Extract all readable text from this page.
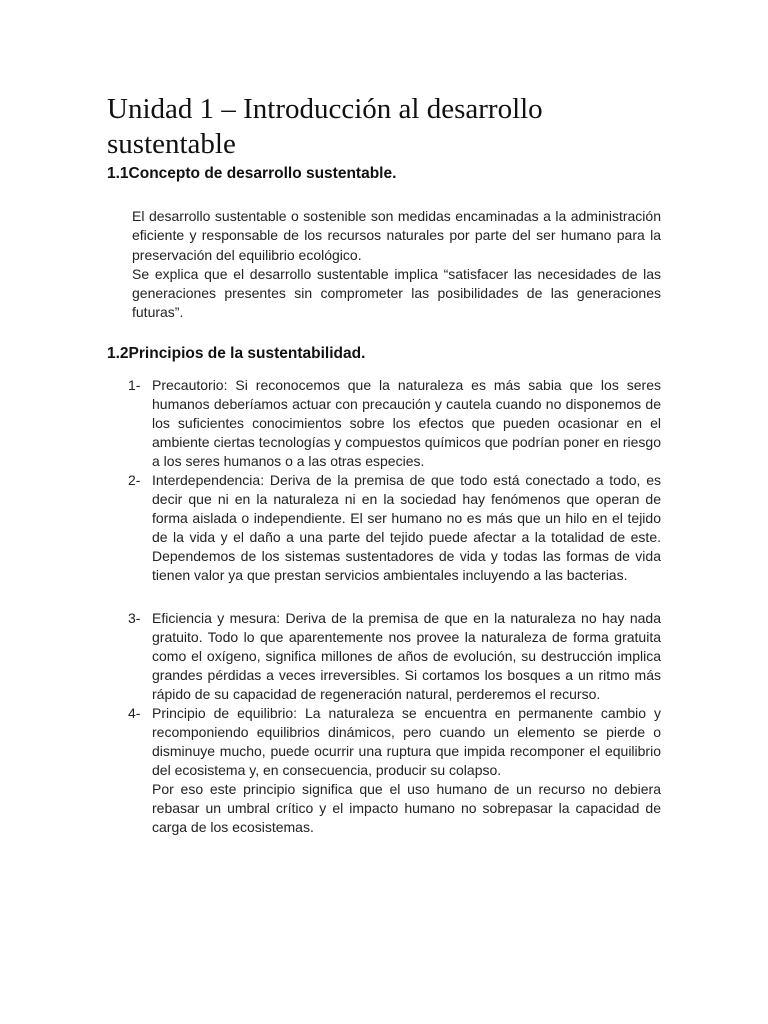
Unidad 1 – Introducción al desarrollo sustentable
1.1Concepto de desarrollo sustentable.

El desarrollo sustentable o sostenible son medidas encaminadas a la administración eficiente y responsable de los recursos naturales por parte del ser humano para la preservación del equilibrio ecológico.

Se explica que el desarrollo sustentable implica “satisfacer las necesidades de las generaciones presentes sin comprometer las posibilidades de las generaciones futuras”.

1.2Principios de la sustentabilidad.
1- Precautorio: Si reconocemos que la naturaleza es más sabia que los seres humanos deberíamos actuar con precaución y cautela cuando no disponemos de los suficientes conocimientos sobre los efectos que pueden ocasionar en el ambiente ciertas tecnologías y compuestos químicos que podrían poner en riesgo a los seres humanos o a las otras especies.

2- Interdependencia: Deriva de la premisa de que todo está conectado a todo, es decir que ni en la naturaleza ni en la sociedad hay fenómenos que operan de forma aislada o independiente. El ser humano no es más que un hilo en el tejido de la vida y el daño a una parte del tejido puede afectar a la totalidad de este. Dependemos de los sistemas sustentadores de vida y todas las formas de vida tienen valor ya que prestan servicios ambientales incluyendo a las bacterias.

3- Eficiencia y mesura: Deriva de la premisa de que en la naturaleza no hay nada gratuito. Todo lo que aparentemente nos provee la naturaleza de forma gratuita como el oxígeno, significa millones de años de evolución, su destrucción implica grandes pérdidas a veces irreversibles. Si cortamos los bosques a un ritmo más rápido de su capacidad de regeneración natural, perderemos el recurso.

4- Principio de equilibrio: La naturaleza se encuentra en permanente cambio y recomponiendo equilibrios dinámicos, pero cuando un elemento se pierde o disminuye mucho, puede ocurrir una ruptura que impida recomponer el equilibrio del ecosistema y, en consecuencia, producir su colapso.

Por eso este principio significa que el uso humano de un recurso no debiera rebasar un umbral crítico y el impacto humano no sobrepasar la capacidad de carga de los ecosistemas.
